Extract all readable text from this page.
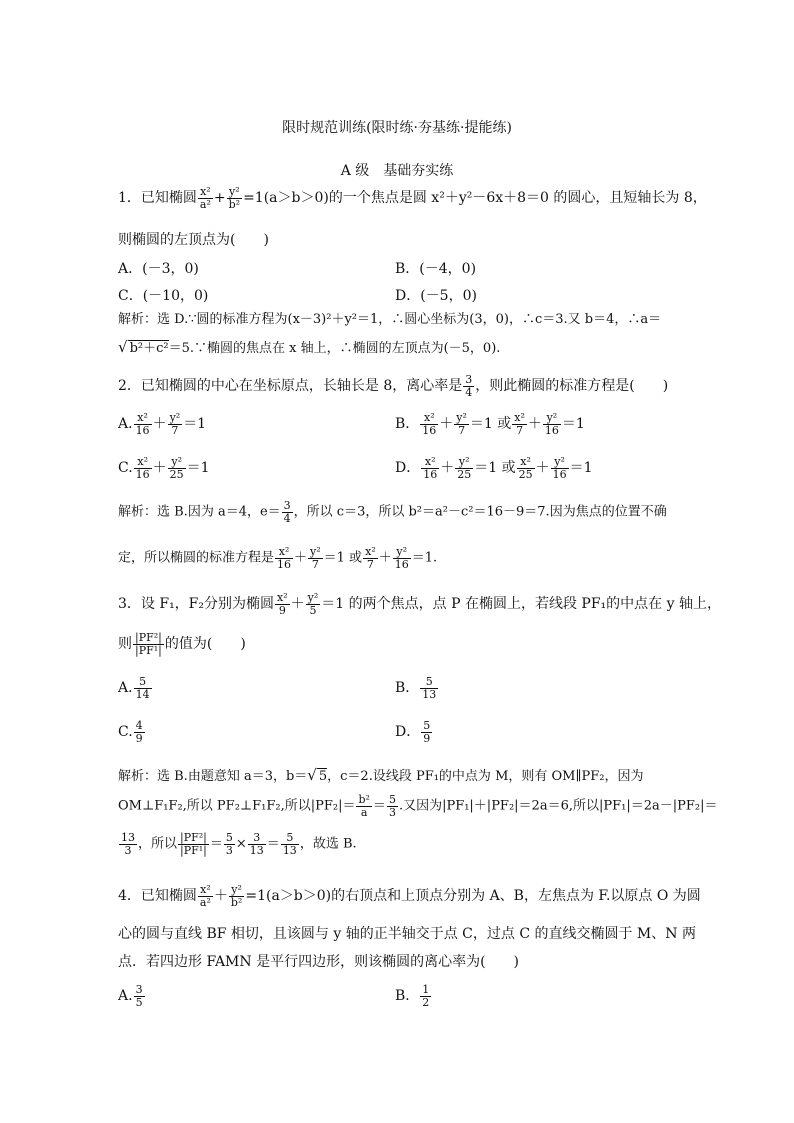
限时规范训练(限时练·夯基练·提能练)
A 级　基础夯实练
1．已知椭圆 $\frac{\text{x²}}{\text{a²}} + \frac{\text{y²}}{\text{b²}} =1(a>b>0)$的一个焦点是圆 x²＋y²－6x＋8＝0 的圆心，且短轴长为 8，
则椭圆的左顶点为(　　)
A．(－3，0)	B．(－4，0)
C．(－10，0)	D．(－5，0)
解析：选 D.∵圆的标准方程为(x－3)²＋y²＝1，∴圆心坐标为(3，0)，∴c＝3.又 b＝4，∴a＝
√ b²＋c²＝5.∵椭圆的焦点在 x 轴上，∴椭圆的左顶点为(－5，0).
2．已知椭圆的中心在坐标原点，长轴长是 8，离心率是 $\frac{3}{4}$ ，则此椭圆的标准方程是(　　)
A. $\frac{\text{x²}}{16} + \frac{\text{y²}}{7} =1$	B． $\frac{\text{x²}}{16} + \frac{\text{y²}}{7} =1$ 或 $\frac{\text{x²}}{7} + \frac{\text{y²}}{16} =1$
C. $\frac{\text{x²}}{16} + \frac{\text{y²}}{25} =1$	D． $\frac{\text{x²}}{16} + \frac{\text{y²}}{25} =1$ 或 $\frac{\text{x²}}{25} + \frac{\text{y²}}{16} =1$
解析：选 B.因为 a＝4，$e= \frac{3}{4}$ ，所以 c＝3，所以 b²＝a²－c²＝16－9＝7.因为焦点的位置不确
定，所以椭圆的标准方程是 $\frac{\text{x²}}{16} + \frac{\text{y²}}{7} =1$ 或 $\frac{\text{x²}}{7} + \frac{\text{y²}}{16} =1$.
3．设 F₁，F₂分别为椭圆 $\frac{\text{x²}}{9} + \frac{\text{y²}}{5} =1$ 的两个焦点，点 P 在椭圆上，若线段 PF₁的中点在 y 轴上，
则 $\frac{\text{|PF²|}}{\text{|PF¹|}}$ 的值为(　　)
A. $\frac{5}{14}$	B． $\frac{5}{13}$
C. $\frac{4}{9}$	D． $\frac{5}{9}$
解析：选 B.由题意知 a＝3，b＝√ 5，c＝2.设线段 PF₁的中点为 M，则有 OM∥PF₂，因为
OM⊥F₁F₂,所以 PF₂⊥F₁F₂,所以$|PF_2|= \frac{\text{b²}}{a} = \frac{5}{3}$ .又因为|PF₁|＋|PF₂|＝2a＝6,所以|PF₁|＝2a－|PF₂|＝
$\frac{13}{3}$ ，所以 $\frac{\text{|PF²|}}{\text{|PF¹|}} = \frac{5}{3} \times \frac{3}{13} = \frac{5}{13}$ ，故选 B.
4．已知椭圆 $\frac{\text{x²}}{\text{a²}} + \frac{\text{y²}}{\text{b²}} =1(a>b>0)$的右顶点和上顶点分别为 A、B，左焦点为 F.以原点 O 为圆
心的圆与直线 BF 相切，且该圆与 y 轴的正半轴交于点 C，过点 C 的直线交椭圆于 M、N 两
点．若四边形 FAMN 是平行四边形，则该椭圆的离心率为(　　)
A. $\frac{3}{5}$	B． $\frac{1}{2}$
